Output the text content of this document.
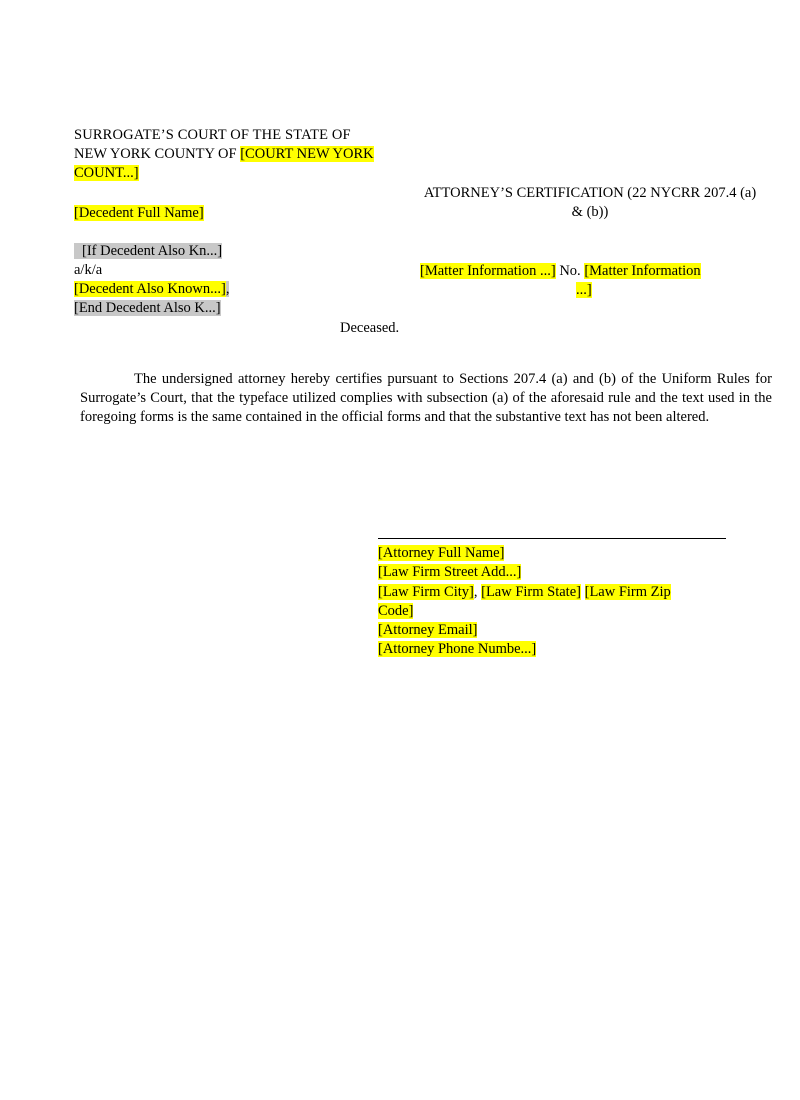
SURROGATE’S COURT OF THE STATE OF
NEW YORK COUNTY OF [COURT NEW YORK COUNT...]
[Decedent Full Name]
[If Decedent Also Kn...]
a/k/a
[Decedent Also Known...],
[End Decedent Also K...]
ATTORNEY’S CERTIFICATION (22 NYCRR 207.4 (a) & (b))
[Matter Information ...] No. [Matter Information
...]
Deceased.
The undersigned attorney hereby certifies pursuant to Sections 207.4 (a) and (b) of the Uniform Rules for Surrogate’s Court, that the typeface utilized complies with subsection (a) of the aforesaid rule and the text used in the foregoing forms is the same contained in the official forms and that the substantive text has not been altered.
[Attorney Full Name]
[Law Firm Street Add...]
[Law Firm City], [Law Firm State] [Law Firm Zip
Code]
[Attorney Email]
[Attorney Phone Numbe...]
